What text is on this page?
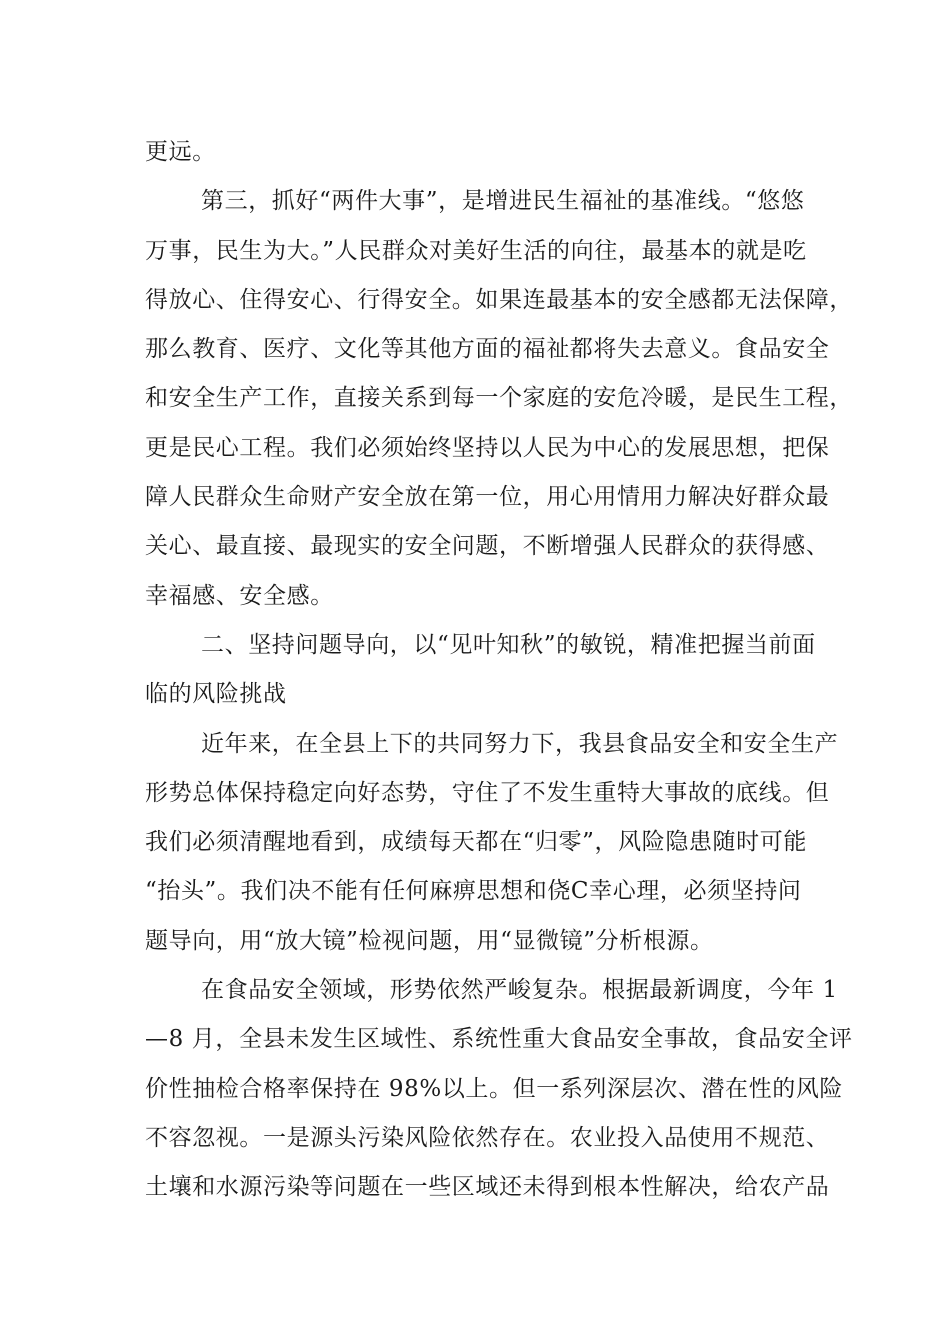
更远。
第三，抓好“两件大事”，是增进民生福祉的基准线。“悠悠
万事，民生为大。”人民群众对美好生活的向往，最基本的就是吃
得放心、住得安心、行得安全。如果连最基本的安全感都无法保障，
那么教育、医疗、文化等其他方面的福祉都将失去意义。食品安全
和安全生产工作，直接关系到每一个家庭的安危冷暖，是民生工程，
更是民心工程。我们必须始终坚持以人民为中心的发展思想，把保
障人民群众生命财产安全放在第一位，用心用情用力解决好群众最
关心、最直接、最现实的安全问题，不断增强人民群众的获得感、
幸福感、安全感。
二、坚持问题导向，以“见叶知秋”的敏锐，精准把握当前面
临的风险挑战
近年来，在全县上下的共同努力下，我县食品安全和安全生产
形势总体保持稳定向好态势，守住了不发生重特大事故的底线。但
我们必须清醒地看到，成绩每天都在“归零”，风险隐患随时可能
“抬头”。我们决不能有任何麻痹思想和侥C幸心理，必须坚持问
题导向，用“放大镜”检视问题，用“显微镜”分析根源。
在食品安全领域，形势依然严峻复杂。根据最新调度，今年 1
—8 月，全县未发生区域性、系统性重大食品安全事故，食品安全评
价性抽检合格率保持在 98%以上。但一系列深层次、潜在性的风险
不容忽视。一是源头污染风险依然存在。农业投入品使用不规范、
土壤和水源污染等问题在一些区域还未得到根本性解决，给农产品
